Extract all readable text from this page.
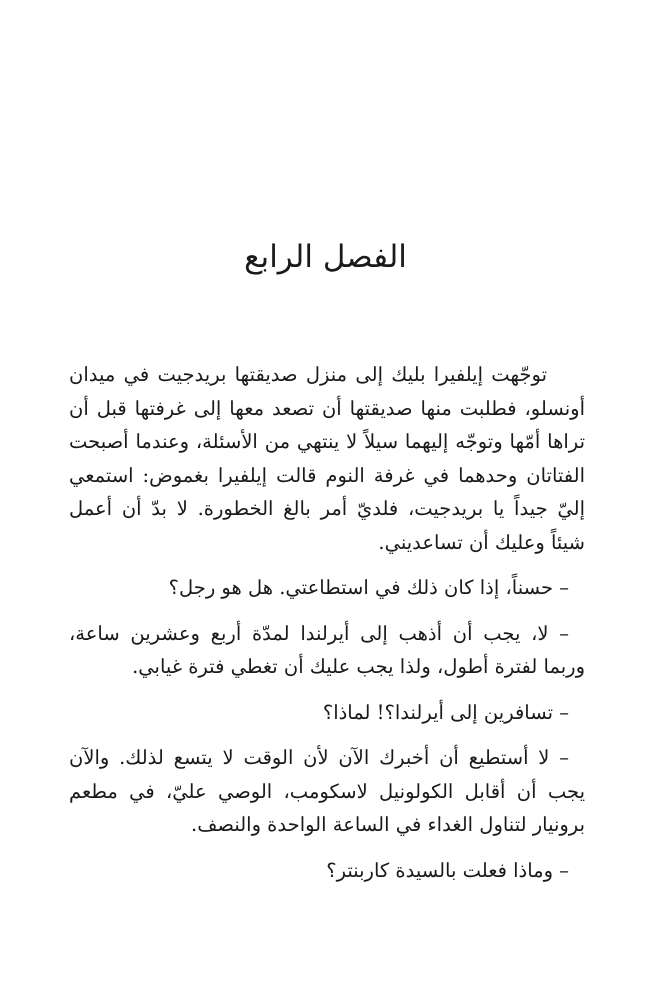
الفصل الرابع

توجّهت إيلفيرا بليك إلى منزل صديقتها بريدجيت في ميدان أونسلو، فطلبت منها صديقتها أن تصعد معها إلى غرفتها قبل أن تراها أمّها وتوجّه إليهما سيلاً لا ينتهي من الأسئلة، وعندما أصبحت الفتاتان وحدهما في غرفة النوم قالت إيلفيرا بغموض: استمعي إليّ جيداً يا بريدجيت، فلديّ أمر بالغ الخطورة. لا بدّ أن أعمل شيئاً وعليك أن تساعديني.

– حسناً، إذا كان ذلك في استطاعتي. هل هو رجل؟

– لا، يجب أن أذهب إلى أيرلندا لمدّة أربع وعشرين ساعة، وربما لفترة أطول، ولذا يجب عليك أن تغطي فترة غيابي.

– تسافرين إلى أيرلندا؟! لماذا؟

– لا أستطيع أن أخبرك الآن لأن الوقت لا يتسع لذلك. والآن يجب أن أقابل الكولونيل لاسكومب، الوصي عليّ، في مطعم برونيار لتناول الغداء في الساعة الواحدة والنصف.

– وماذا فعلت بالسيدة كاربنتر؟
